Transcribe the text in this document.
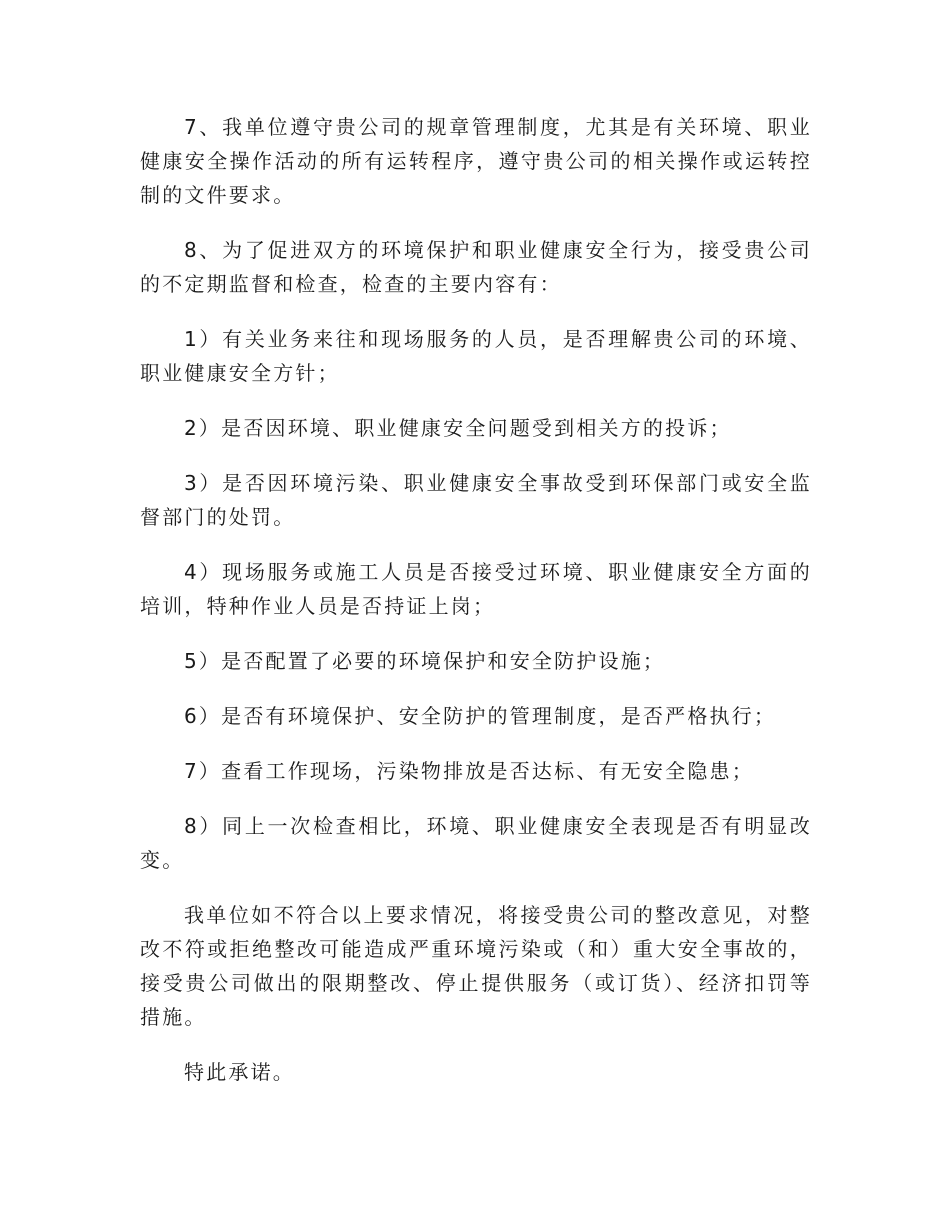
7、我单位遵守贵公司的规章管理制度，尤其是有关环境、职业健康安全操作活动的所有运转程序，遵守贵公司的相关操作或运转控制的文件要求。

8、为了促进双方的环境保护和职业健康安全行为，接受贵公司的不定期监督和检查，检查的主要内容有：

1）有关业务来往和现场服务的人员，是否理解贵公司的环境、职业健康安全方针；

2）是否因环境、职业健康安全问题受到相关方的投诉；

3）是否因环境污染、职业健康安全事故受到环保部门或安全监督部门的处罚。

4）现场服务或施工人员是否接受过环境、职业健康安全方面的培训，特种作业人员是否持证上岗；

5）是否配置了必要的环境保护和安全防护设施；

6）是否有环境保护、安全防护的管理制度，是否严格执行；

7）查看工作现场，污染物排放是否达标、有无安全隐患；

8）同上一次检查相比，环境、职业健康安全表现是否有明显改变。

我单位如不符合以上要求情况，将接受贵公司的整改意见，对整改不符或拒绝整改可能造成严重环境污染或（和）重大安全事故的，接受贵公司做出的限期整改、停止提供服务（或订货）、经济扣罚等措施。

特此承诺。
